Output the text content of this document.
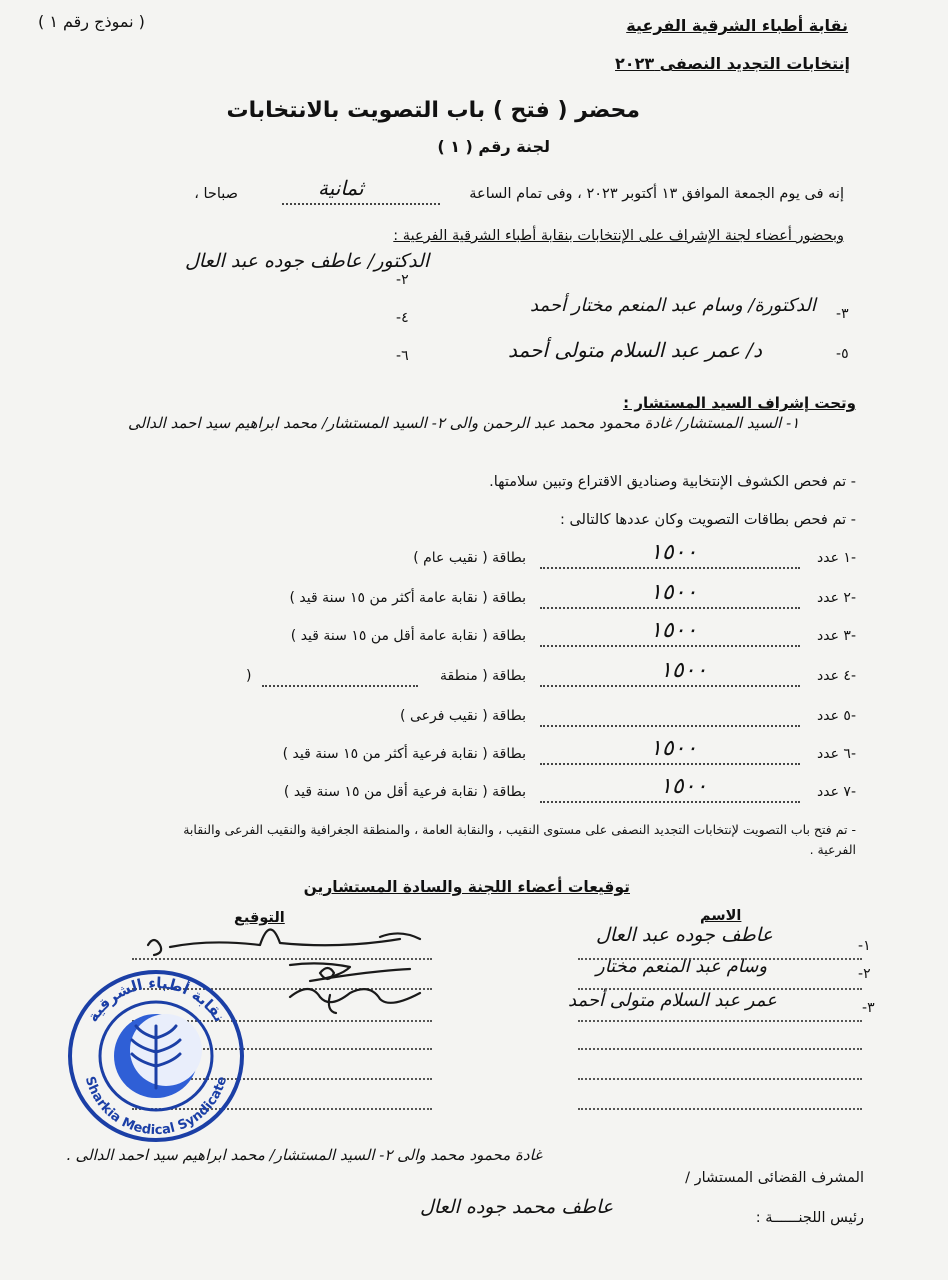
( نموذج رقم ١ )	نقابة أطباء الشرقية الفرعية
إنتخابات التجديد النصفى ٢٠٢٣
محضر ( فتح ) باب التصويت بالانتخابات
لجنة رقم ( ١ )
إنه فى يوم الجمعة الموافق ١٣ أكتوبر ٢٠٢٣ ، وفى تمام الساعة
ثمانية
صباحا ،
وبحضور أعضاء لجنة الإشراف على الإنتخابات بنقابة أطباء الشرقية الفرعية :
الدكتور/ عاطف جوده عبد العال
-٢
الدكتورة/ وسام عبد المنعم مختار أحمد -٣
-٤
د/ عمر عبد السلام متولى أحمد	-٥
-٦
وتحت إشراف السيد المستشار :
١- السيد المستشار/ غادة محمود محمد عبد الرحمن والى ٢- السيد المستشار/ محمد ابراهيم سيد احمد الدالى
- تم فحص الكشوف الإنتخابية وصناديق الاقتراع وتبين سلامتها.
- تم فحص بطاقات التصويت وكان عددها كالتالى :
-١ عدد
١٥٠٠
بطاقة ( نقيب عام )
-٢ عدد
١٥٠٠
بطاقة ( نقابة عامة أكثر من ١٥ سنة قيد )
-٣ عدد
١٥٠٠
بطاقة ( نقابة عامة أقل من ١٥ سنة قيد )
-٤ عدد
١٥٠٠
بطاقة ( منطقة
)
-٥ عدد
بطاقة ( نقيب فرعى )
-٦ عدد
١٥٠٠
بطاقة ( نقابة فرعية أكثر من ١٥ سنة قيد )
-٧ عدد
١٥٠٠
بطاقة ( نقابة فرعية أقل من ١٥ سنة قيد )
- تم فتح باب التصويت لإنتخابات التجديد النصفى على مستوى النقيب ، والنقابة العامة ، والمنطقة الجغرافية والنقيب الفرعى والنقابة
الفرعية .
توقيعات أعضاء اللجنة والسادة المستشارين
الاسم
التوقيع
-١
عاطف جوده عبد العال
-٢
وسام عبد المنعم مختار
-٣
عمر عبد السلام متولى أحمد
نقابة أطباء الشرقية
Sharkia Medical Syndicate
المشرف القضائى المستشار /
غادة محمود محمد والى ٢- السيد المستشار/ محمد ابراهيم سيد احمد الدالى .
رئيس اللجنــــــة :
عاطف محمد جوده العال
